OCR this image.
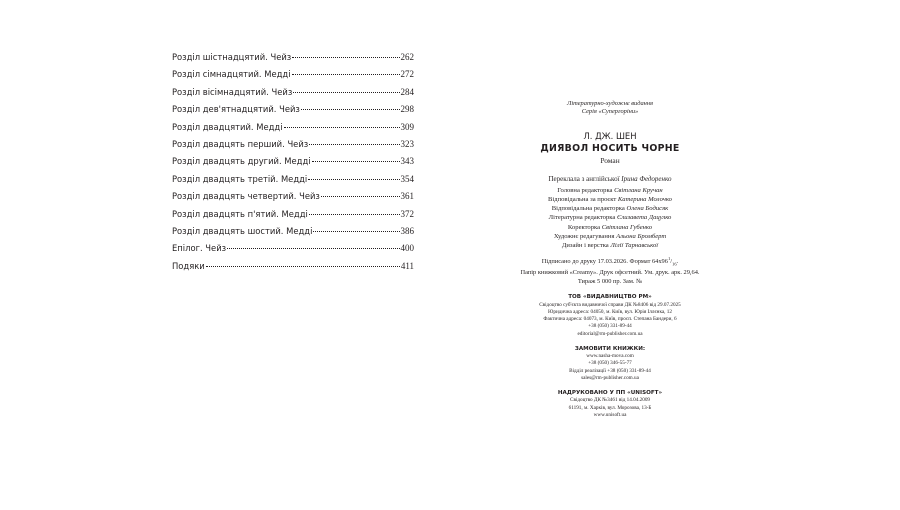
Розділ шістнадцятий. Чейз	262
Розділ сімнадцятий. Медді	272
Розділ вісімнадцятий. Чейз	284
Розділ дев'ятнадцятий. Чейз	298
Розділ двадцятий. Медді	309
Розділ двадцять перший. Чейз	323
Розділ двадцять другий. Медді	343
Розділ двадцять третій. Медді	354
Розділ двадцять четвертий. Чейз	361
Розділ двадцять п'ятий. Медді	372
Розділ двадцять шостий. Медді	386
Епілог. Чейз	400
Подяки	411
Літературно-художнє видання
Серія «Супергоріни»
Л. ДЖ. ШЕН
ДИЯВОЛ НОСИТЬ ЧОРНЕ
Роман
Переклала з англійської Ірина Федоренко
Головна редакторка Світлана Кручан
Відповідальна за проєкт Катерина Молочко
Відповідальна редакторка Олена Бодисяк
Літературна редакторка Єлизавета Дацулко
Коректорка Світлана Губенко
Художнє редагування Альона Бромберт
Дизайн і верстка Лілії Тарнавської
Підписано до друку 17.03.2026. Формат $64х96^1/_{16}$.
Папір книжковий «Creamy». Друк офсетний. Ум. друк. арк. 29,64.
Тираж 5 000 пр. Зам. №
ТОВ «ВИДАВНИЦТВО РМ»
Свідоцтво суб'єкта видавничої справи ДК №8406 від 29.07.2025
Юридична адреса: 04050, м. Київ, вул. Юрія Іллєнка, 12
Фактична адреса: 04073, м. Київ, просп. Степана Бандери, 6
+38 (050) 331-89-44
editorial@rm-publisher.com.ua
ЗАМОВИТИ КНИЖКИ:
www.nasha-mova.com
+38 (050) 346-55-77
Відділ реалізації +38 (050) 331-89-44
sales@rm-publisher.com.ua
НАДРУКОВАНО У ПП «UNISOFT»
Свідоцтво ДК №3461 від 14.04.2009
61191, м. Харків, вул. Морозова, 13-Б
www.unisoft.ua
